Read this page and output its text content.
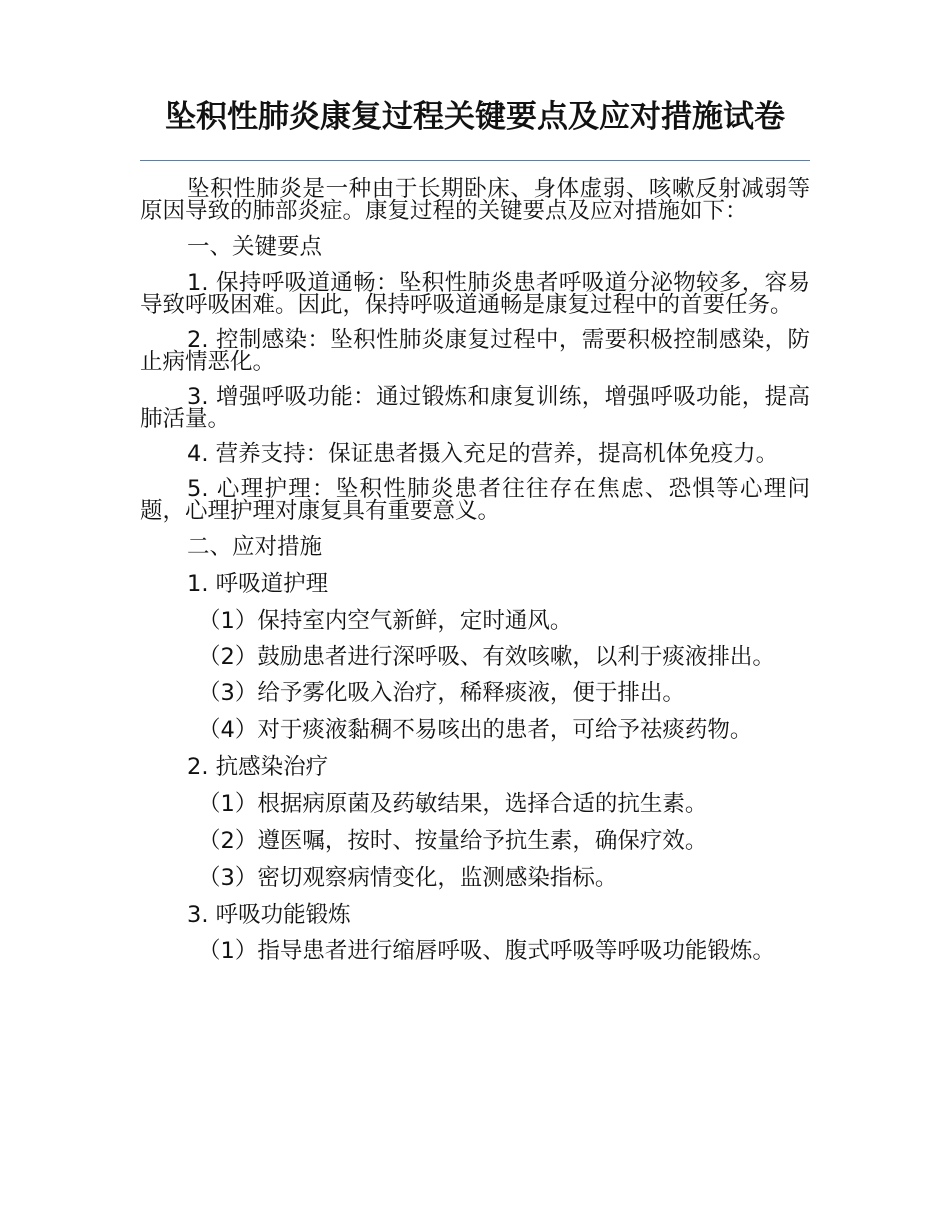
坠积性肺炎康复过程关键要点及应对措施试卷

坠积性肺炎是一种由于长期卧床、身体虚弱、咳嗽反射减弱等原因导致的肺部炎症。康复过程的关键要点及应对措施如下：

一、关键要点

1. 保持呼吸道通畅：坠积性肺炎患者呼吸道分泌物较多，容易导致呼吸困难。因此，保持呼吸道通畅是康复过程中的首要任务。

2. 控制感染：坠积性肺炎康复过程中，需要积极控制感染，防止病情恶化。

3. 增强呼吸功能：通过锻炼和康复训练，增强呼吸功能，提高肺活量。

4. 营养支持：保证患者摄入充足的营养，提高机体免疫力。

5. 心理护理：坠积性肺炎患者往往存在焦虑、恐惧等心理问题，心理护理对康复具有重要意义。

二、应对措施

1. 呼吸道护理

（1）保持室内空气新鲜，定时通风。

（2）鼓励患者进行深呼吸、有效咳嗽，以利于痰液排出。

（3）给予雾化吸入治疗，稀释痰液，便于排出。

（4）对于痰液黏稠不易咳出的患者，可给予祛痰药物。

2. 抗感染治疗

（1）根据病原菌及药敏结果，选择合适的抗生素。

（2）遵医嘱，按时、按量给予抗生素，确保疗效。

（3）密切观察病情变化，监测感染指标。

3. 呼吸功能锻炼

（1）指导患者进行缩唇呼吸、腹式呼吸等呼吸功能锻炼。
